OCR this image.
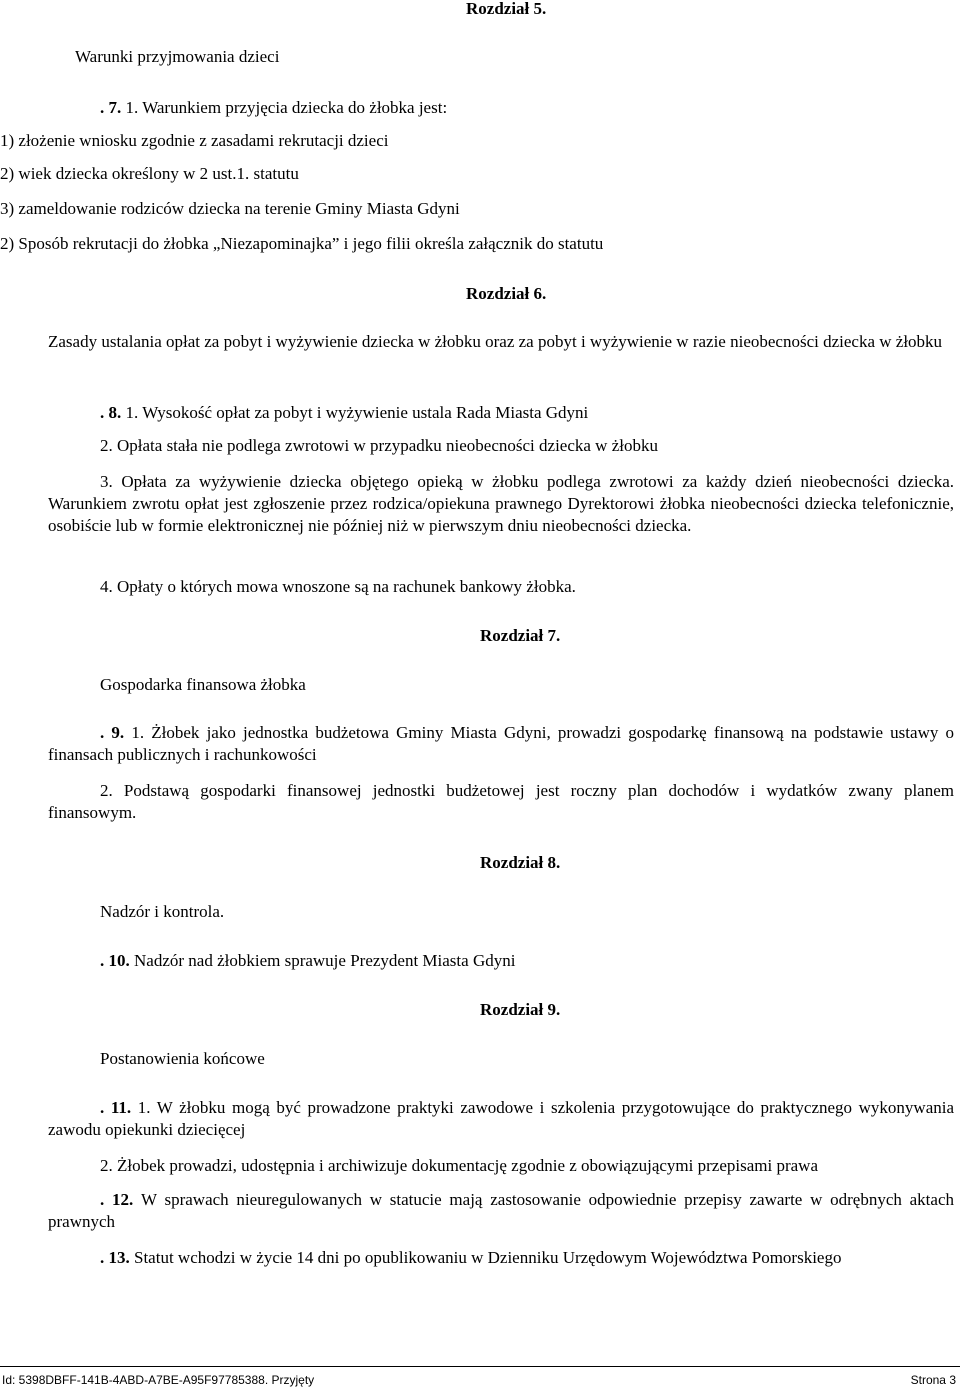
Rozdział 5.
Warunki przyjmowania dzieci
. 7. 1. Warunkiem przyjęcia dziecka do żłobka jest:
1) złożenie wniosku zgodnie z zasadami rekrutacji dzieci
2) wiek dziecka określony w 2 ust.1. statutu
3) zameldowanie rodziców dziecka na terenie Gminy Miasta Gdyni
2) Sposób rekrutacji do żłobka „Niezapominajka” i jego filii określa załącznik do statutu
Rozdział 6.
Zasady ustalania opłat za pobyt i wyżywienie dziecka w żłobku oraz za pobyt i wyżywienie w razie nieobecności dziecka w żłobku
. 8. 1. Wysokość opłat za pobyt i wyżywienie ustala Rada Miasta Gdyni
2. Opłata stała nie podlega zwrotowi w przypadku nieobecności dziecka w żłobku
3. Opłata za wyżywienie dziecka objętego opieką w żłobku podlega zwrotowi za każdy dzień nieobecności dziecka. Warunkiem zwrotu opłat jest zgłoszenie przez rodzica/opiekuna prawnego Dyrektorowi żłobka nieobecności dziecka telefonicznie, osobiście lub w formie elektronicznej nie później niż w pierwszym dniu nieobecności dziecka.
4. Opłaty o których mowa wnoszone są na rachunek bankowy żłobka.
Rozdział 7.
Gospodarka finansowa żłobka
. 9. 1. Żłobek jako jednostka budżetowa Gminy Miasta Gdyni, prowadzi gospodarkę finansową na podstawie ustawy o finansach publicznych i rachunkowości
2. Podstawą gospodarki finansowej jednostki budżetowej jest roczny plan dochodów i wydatków zwany planem finansowym.
Rozdział 8.
Nadzór i kontrola.
. 10. Nadzór nad żłobkiem sprawuje Prezydent Miasta Gdyni
Rozdział 9.
Postanowienia końcowe
. 11. 1. W żłobku mogą być prowadzone praktyki zawodowe i szkolenia przygotowujące do praktycznego wykonywania zawodu opiekunki dziecięcej
2. Żłobek prowadzi, udostępnia i archiwizuje dokumentację zgodnie z obowiązującymi przepisami prawa
. 12. W sprawach nieuregulowanych w statucie mają zastosowanie odpowiednie przepisy zawarte w odrębnych aktach prawnych
. 13. Statut wchodzi w życie 14 dni po opublikowaniu w Dzienniku Urzędowym Województwa Pomorskiego
Id: 5398DBFF-141B-4ABD-A7BE-A95F97785388. Przyjęty	Strona 3
